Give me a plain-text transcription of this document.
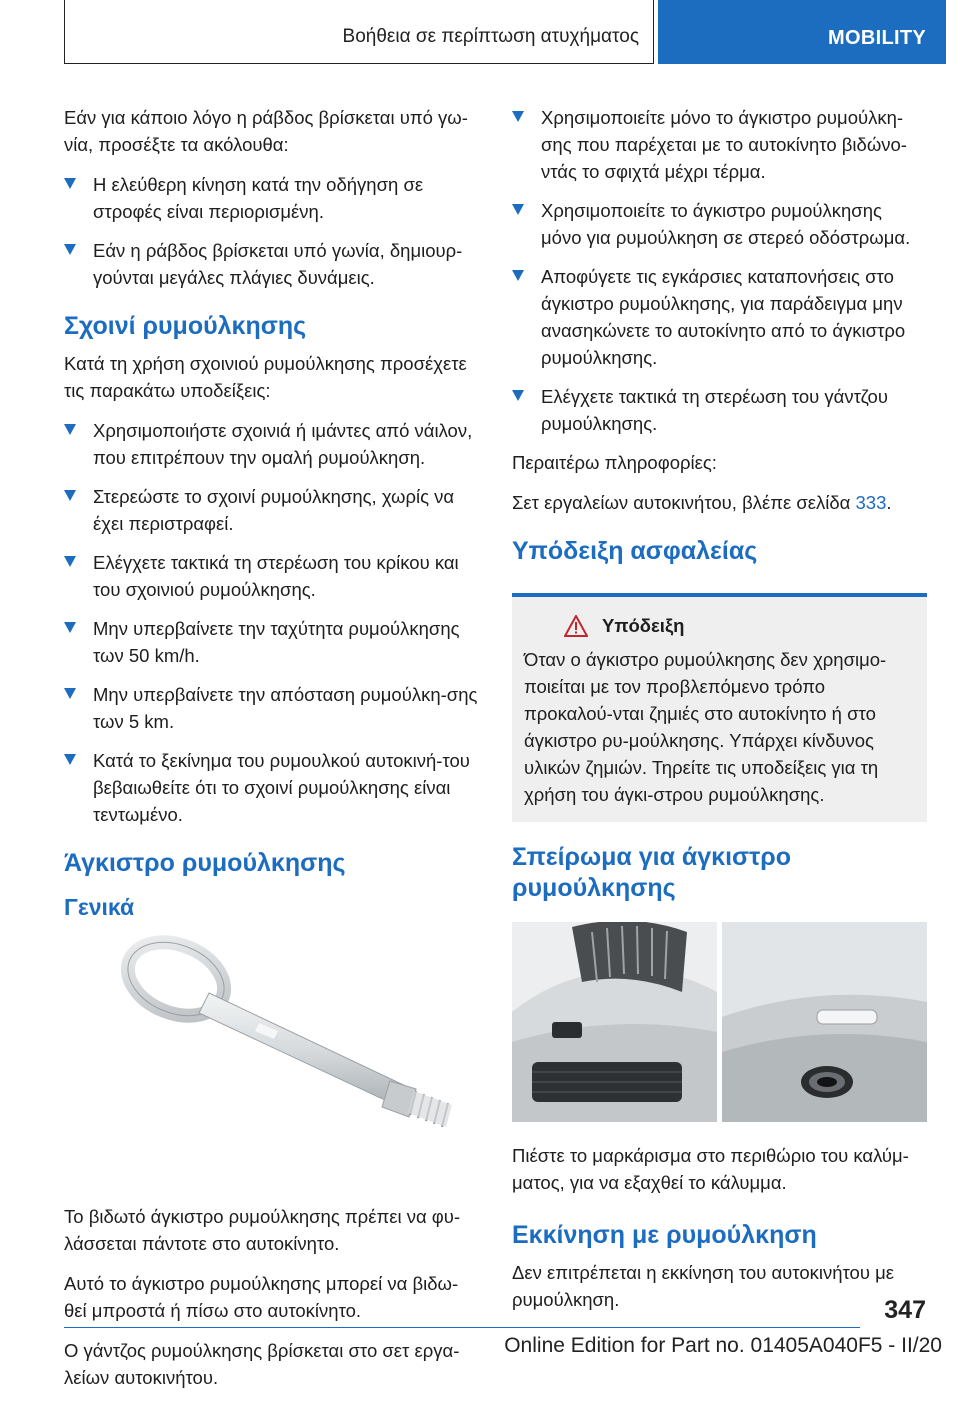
Βοήθεια σε περίπτωση ατυχήματος	MOBILITY

Εάν για κάποιο λόγο η ράβδος βρίσκεται υπό γω-νία, προσέξτε τα ακόλουθα:

Η ελεύθερη κίνηση κατά την οδήγηση σε στροφές είναι περιορισμένη.
Εάν η ράβδος βρίσκεται υπό γωνία, δημιουρ-γούνται μεγάλες πλάγιες δυνάμεις.
Σχοινί ρυμούλκησης

Κατά τη χρήση σχοινιού ρυμούλκησης προσέχετε τις παρακάτω υποδείξεις:

Χρησιμοποιήστε σχοινιά ή ιμάντες από νάιλον, που επιτρέπουν την ομαλή ρυμούλκηση.
Στερεώστε το σχοινί ρυμούλκησης, χωρίς να έχει περιστραφεί.
Ελέγχετε τακτικά τη στερέωση του κρίκου και του σχοινιού ρυμούλκησης.
Μην υπερβαίνετε την ταχύτητα ρυμούλκησης των 50 km/h.
Μην υπερβαίνετε την απόσταση ρυμούλκη-σης των 5 km.
Κατά το ξεκίνημα του ρυμουλκού αυτοκινή-του βεβαιωθείτε ότι το σχοινί ρυμούλκησης είναι τεντωμένο.
Άγκιστρο ρυμούλκησης
Γενικά

Το βιδωτό άγκιστρο ρυμούλκησης πρέπει να φυ-λάσσεται πάντοτε στο αυτοκίνητο.

Αυτό το άγκιστρο ρυμούλκησης μπορεί να βιδω-θεί μπροστά ή πίσω στο αυτοκίνητο.

Ο γάντζος ρυμούλκησης βρίσκεται στο σετ εργα-λείων αυτοκινήτου.

Χρησιμοποιείτε μόνο το άγκιστρο ρυμούλκη-σης που παρέχεται με το αυτοκίνητο βιδώνο-ντάς το σφιχτά μέχρι τέρμα.
Χρησιμοποιείτε το άγκιστρο ρυμούλκησης μόνο για ρυμούλκηση σε στερεό οδόστρωμα.
Αποφύγετε τις εγκάρσιες καταπονήσεις στο άγκιστρο ρυμούλκησης, για παράδειγμα μην ανασηκώνετε το αυτοκίνητο από το άγκιστρο ρυμούλκησης.
Ελέγχετε τακτικά τη στερέωση του γάντζου ρυμούλκησης.

Περαιτέρω πληροφορίες:

Σετ εργαλείων αυτοκινήτου, βλέπε σελίδα 333.

Υπόδειξη ασφαλείας
Υπόδειξη

Όταν ο άγκιστρο ρυμούλκησης δεν χρησιμο-ποιείται με τον προβλεπόμενο τρόπο προκαλού-νται ζημιές στο αυτοκίνητο ή στο άγκιστρο ρυ-μούλκησης. Υπάρχει κίνδυνος υλικών ζημιών. Τηρείτε τις υποδείξεις για τη χρήση του άγκι-στρου ρυμούλκησης.

Σπείρωμα για άγκιστρο ρυμούλκησης

Πιέστε το μαρκάρισμα στο περιθώριο του καλύμ-ματος, για να εξαχθεί το κάλυμμα.

Εκκίνηση με ρυμούλκηση

Δεν επιτρέπεται η εκκίνηση του αυτοκινήτου με ρυμούλκηση.	347
Online Edition for Part no. 01405A040F5 - II/20
